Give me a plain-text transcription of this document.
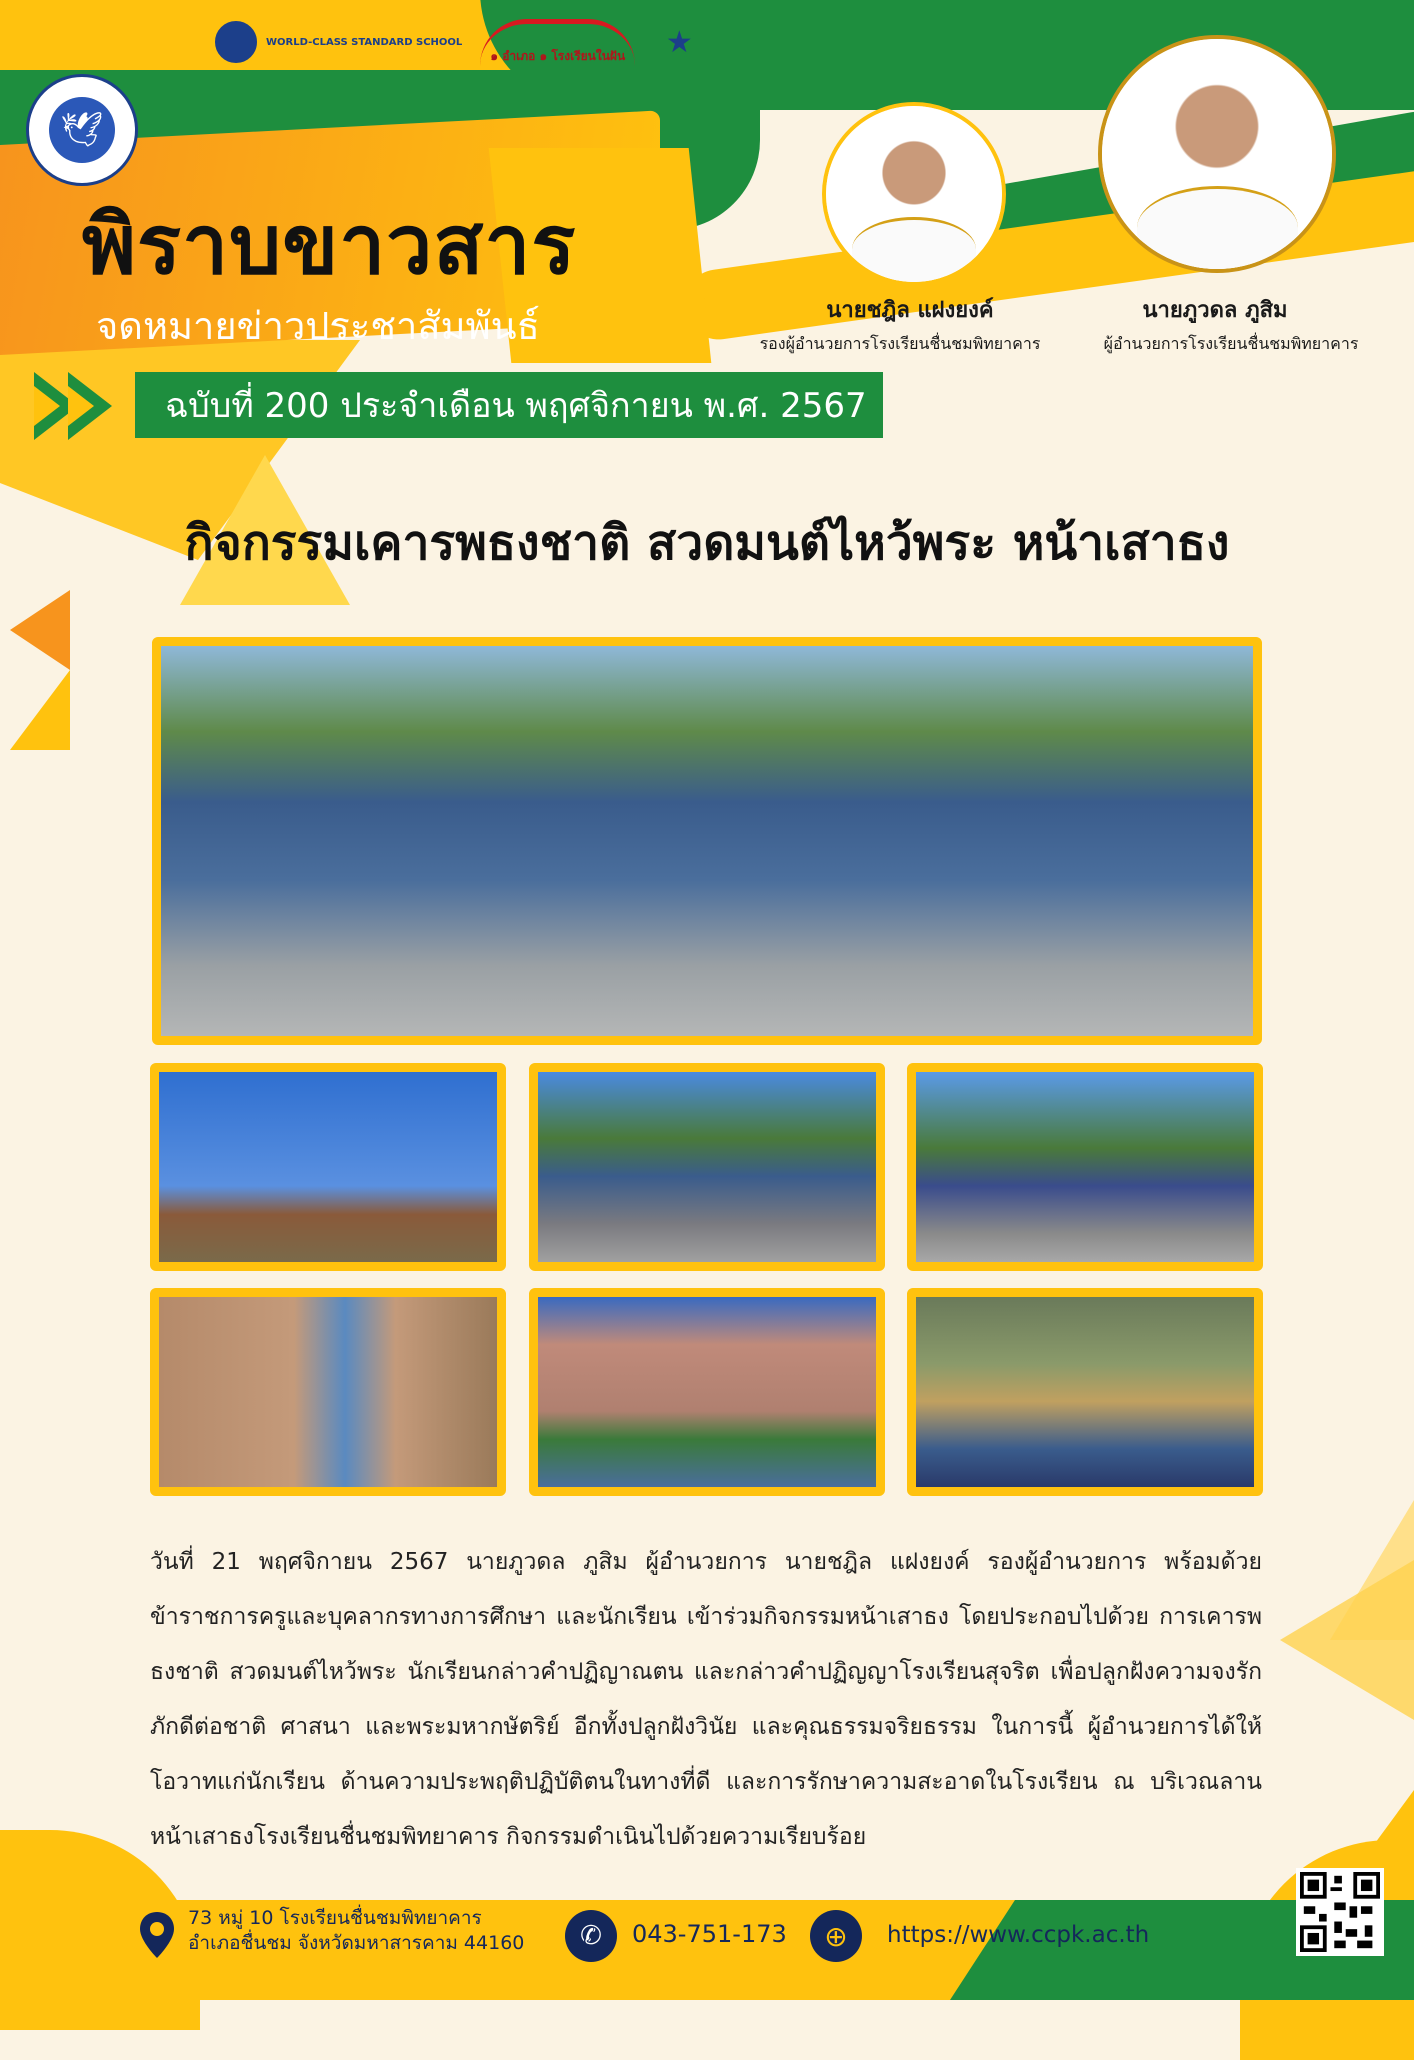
WORLD-CLASS STANDARD SCHOOL
๑ อำเภอ ๑ โรงเรียนในฝัน	★
🕊
พิราบขาวสาร
จดหมายข่าวประชาสัมพันธ์
ฉบับที่ 200 ประจำเดือน พฤศจิกายน พ.ศ. 2567
นายชฎิล แฝงยงค์
รองผู้อำนวยการโรงเรียนชื่นชมพิทยาคาร
นายภูวดล ภูสิม
ผู้อำนวยการโรงเรียนชื่นชมพิทยาคาร
กิจกรรมเคารพธงชาติ สวดมนต์ไหว้พระ หน้าเสาธง
วันที่ 21 พฤศจิกายน 2567 นายภูวดล ภูสิม ผู้อำนวยการ นายชฎิล แฝงยงค์ รองผู้อำนวยการ พร้อมด้วยข้าราชการครูและบุคลากรทางการศึกษา และนักเรียน เข้าร่วมกิจกรรมหน้าเสาธง โดยประกอบไปด้วย การเคารพธงชาติ สวดมนต์ไหว้พระ นักเรียนกล่าวคำปฏิญาณตน และกล่าวคำปฏิญญาโรงเรียนสุจริต เพื่อปลูกฝังความจงรักภักดีต่อชาติ ศาสนา และพระมหากษัตริย์ อีกทั้งปลูกฝังวินัย และคุณธรรมจริยธรรม ในการนี้ ผู้อำนวยการได้ให้โอวาทแก่นักเรียน ด้านความประพฤติปฏิบัติตนในทางที่ดี และการรักษาความสะอาดในโรงเรียน ณ บริเวณลานหน้าเสาธงโรงเรียนชื่นชมพิทยาคาร กิจกรรมดำเนินไปด้วยความเรียบร้อย
73 หมู่ 10 โรงเรียนชื่นชมพิทยาคาร
อำเภอชื่นชม จังหวัดมหาสารคาม 44160	✆	043-751-173	⊕	https://www.ccpk.ac.th
